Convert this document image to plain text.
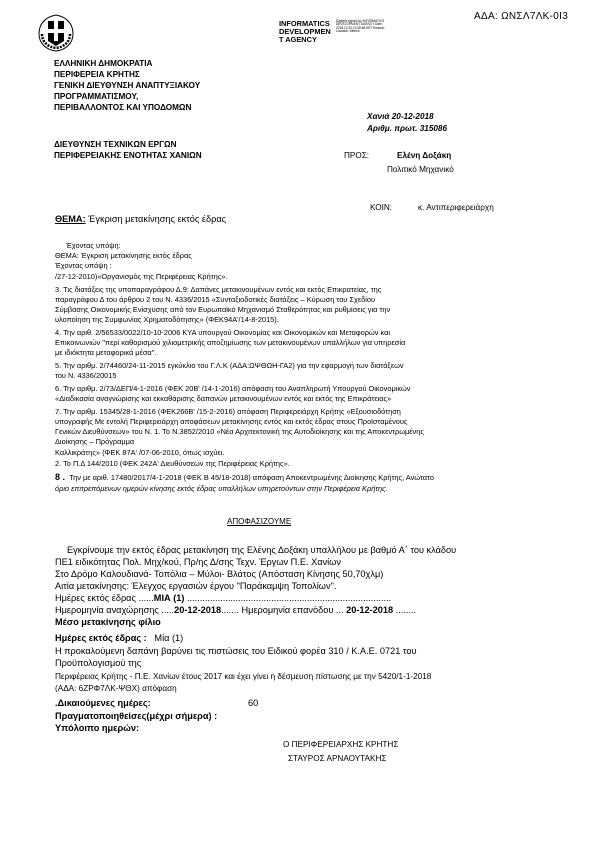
ΑΔΑ: ΩΝΣΛ7ΛΚ-0Ι3
ΕΛΛΗΝΙΚΗ ΔΗΜΟΚΡΑΤΙΑ
ΠΕΡΙΦΕΡΕΙΑ ΚΡΗΤΗΣ
ΓΕΝΙΚΗ ΔΙΕΥΘΥΝΣΗ ΑΝΑΠΤΥΞΙΑΚΟΥ
ΠΡΟΓΡΑΜΜΑΤΙΣΜΟΥ,
ΠΕΡΙΒΑΛΛΟΝΤΟΣ ΚΑΙ ΥΠΟΔΟΜΩΝ
INFORMATICS
DEVELOPMEN
T AGENCY
Digitally signed by INFORMATICS DEVELOPMENT AGENCY Date: 2018.12.20 12:08:58 EET Reason: Location: Athens
Χανιά 20-12-2018
Αριθμ. πρωτ. 315086
ΔΙΕΥΘΥΝΣΗ ΤΕΧΝΙΚΩΝ ΕΡΓΩΝ
ΠΕΡΙΦΕΡΕΙΑΚΗΣ ΕΝΟΤΗΤΑΣ ΧΑΝΙΩΝ	ΠΡΟΣ:	Ελένη Δοξάκη
Πολιτικό Μηχανικό
ΚΟΙΝ:	κ. Αντιπεριφερειάρχη
ΘΕΜΑ: Έγκριση μετακίνησης εκτός έδρας
Έχοντας υπόψη:
ΘΕΜΑ: Έγκριση μετακίνησης εκτός έδρας
Έχοντας υπόψη :
/27-12-2010)«Οργανισμός της Περιφέρειας Κρήτης».
3. Τις διατάξεις της υποπαραγράφου Δ.9: Δαπάνες μετακινουμένων εντός και εκτός Επικρατείας, της
παραγράφου Δ του άρθρου 2 του Ν. 4336/2015 «Συνταξιοδοτικές διατάξεις – Κύρωση του Σχεδίου
Σύμβασης Οικονομικής Ενίσχυσης από τον Ευρωπαϊκό Μηχανισμό Σταθερότητας και ρυθμίσεις για την
υλοποίηση της Συμφωνίας Χρηματοδότησης» (ΦΕΚ94Α'/14-8-2015).
4. Την αριθ. 2/56533/0022/10-10-2006 ΚΥΑ υπουργού Οικονομίας και Οικονομικών και Μεταφορών και
Επικοινωνιών "περί καθορισμού χιλιομετρικής αποζημίωσης των μετακινουμένων υπαλλήλων για υπηρεσία
με ιδιόκτητα μεταφορικά μέσα".
5. Την αριθμ. 2/74460/24-11-2015 εγκύκλιο του Γ.Λ.Κ (ΑΔΑ:ΩΨΘΩΗ-ΓΑ2) για την εφαρμογή των διατάξεων
του Ν. 4336/20015
6. Την αριθμ. 2/73/ΔΕΠ/4-1-2016 (ΦΕΚ 20Β' /14-1-2016) απόφαση του Αναπληρωτή Υπουργού Οικονομικών
«Διαδικασία αναγνώρισης και εκκαθάρισης δαπανών μετακινουμένων εντός και εκτός της Επικράτειας»
7. Την αριθμ. 15345/28-1-2016 (ΦΕΚ266Β' /15-2-2016) απόφαση Περιφερειάρχη Κρήτης «Εξουσιοδότηση
υπογραφής Με εντολή Περιφερειάρχη αποφάσεων μετακίνησης εντός και εκτός έδρας στους Προϊσταμένους
Γενικών Διευθύνσεων» του Ν. 1. Το Ν.3852/2010 «Νέα Αρχιτεκτονική της Αυτοδιοίκησης και της Αποκεντρωμένης
Διοίκησης – Πρόγραμμα
Καλλικράτης» (ΦΕΚ 87Α' /07-06-2010, όπως ισχύει.
2. Το Π.Δ 144/2010 (ΦΕΚ 242Α' Διευθύνσεων της Περιφέρειας Κρήτης».
8 . Την με αριθ. 17480/2017/4-1-2018 (ΦΕΚ Β 45/18-2018) απόφαση Αποκεντρωμένης Διοίκησης Κρήτης, Ανώτατο
όριο επιτρεπόμενων ημερών κίνησης εκτός έδρας υπαλλήλων υπηρετούντων στην Περιφέρεια Κρήτης.
ΑΠΟΦΑΣΙΖΟΥΜΕ
Εγκρίνουμε την εκτός έδρας μετακίνηση της Ελένης Δοξάκη υπαλλήλου με βαθμό Α΄ του κλάδου
ΠΕ1 ειδικότητας Πολ. Μηχ/κού, Πρ/ης Δ/σης Τεχν. Έργων Π.Ε. Χανίων
Στο Δρόμο Καλουδιανά- Τοπόλια – Μύλοι- Βλάτος (Απόσταση Κίνησης 50,70χλμ)
Αιτία μετακίνησης: Έλεγχος εργασιών έργου "Παράκαμψη Τοπολίων".
Ημέρες εκτός έδρας ......ΜΙΑ (1) ................................................................................
Ημερομηνία αναχώρησης .....20-12-2018....... Ημερομηνία επανόδου ... 20-12-2018 ........
Μέσο μετακίνησης φίλιο
Ημέρες εκτός έδρας : Μία (1)
Η προκαλούμενη δαπάνη βαρύνει τις πιστώσεις του Ειδικού φορέα 310 / Κ.Α.Ε. 0721 του
Προϋπολογισμού της
Περιφέρειας Κρήτης - Π.Ε. Χανίων έτους 2017 και έχει γίνει η δέσμευση πίστωσης με την 5420/1-1-2018
(ΑΔΑ: 6ΖΡΦ7ΛΚ-ΨΘΧ) απόφαση
.Δικαιούμενες ημέρες:	60
Πραγματοποιηθείσες(μέχρι σήμερα) :
Υπόλοιπο ημερών:
Ο ΠΕΡΙΦΕΡΕΙΑΡΧΗΣ ΚΡΗΤΗΣ
ΣΤΑΥΡΟΣ ΑΡΝΑΟΥΤΑΚΗΣ
